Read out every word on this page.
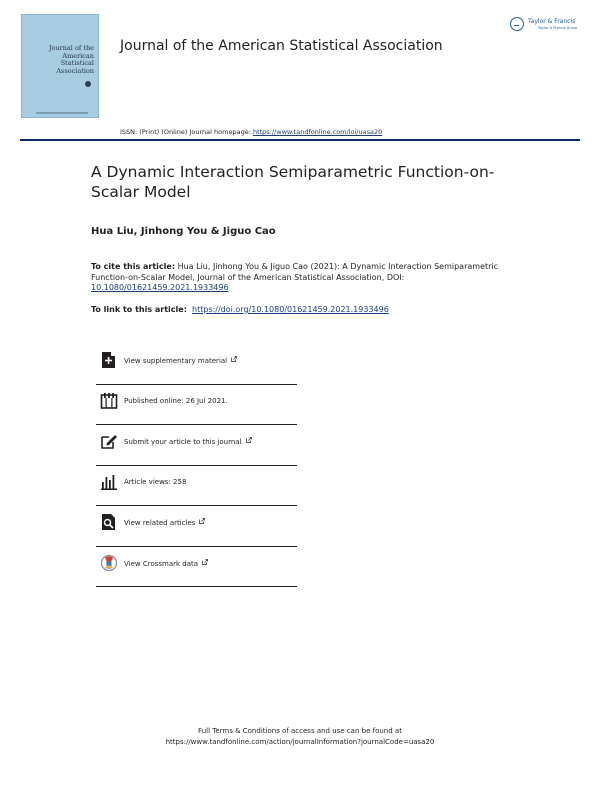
Journal of the American Statistical Association
Journal of the American Statistical Association
Taylor & Francis
Taylor & Francis Group
ISSN: (Print) (Online) Journal homepage: https://www.tandfonline.com/loi/uasa20
A Dynamic Interaction Semiparametric Function-on-Scalar Model
Hua Liu, Jinhong You & Jiguo Cao
To cite this article: Hua Liu, Jinhong You & Jiguo Cao (2021): A Dynamic Interaction Semiparametric Function-on-Scalar Model, Journal of the American Statistical Association, DOI: 10.1080/01621459.2021.1933496
To link to this article: https://doi.org/10.1080/01621459.2021.1933496
View supplementary material
Published online: 26 Jul 2021.
Submit your article to this journal
Article views: 258
View related articles
View Crossmark data
Full Terms & Conditions of access and use can be found at
https://www.tandfonline.com/action/journalInformation?journalCode=uasa20
